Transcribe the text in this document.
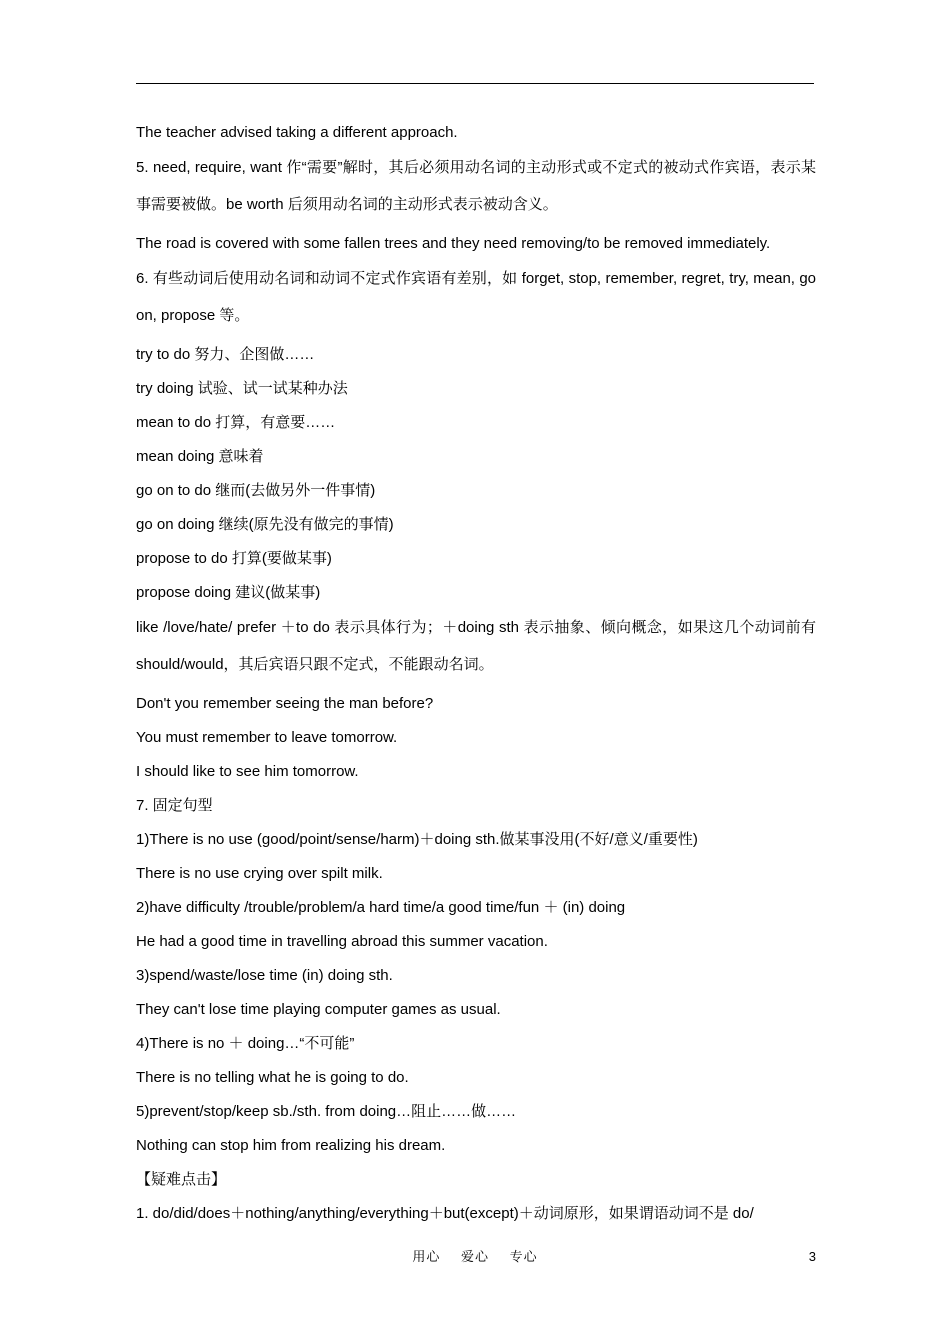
The teacher advised taking a different approach.
5. need, require, want 作“需要”解时，其后必须用动名词的主动形式或不定式的被动式作宾语，表示某事需要被做。be worth 后须用动名词的主动形式表示被动含义。
The road is covered with some fallen trees and they need removing/to be removed immediately.
6. 有些动词后使用动名词和动词不定式作宾语有差别，如 forget, stop, remember, regret, try, mean, go on, propose 等。
try to do 努力、企图做……
try doing 试验、试一试某种办法
mean to do 打算，有意要……
mean doing 意味着
go on to do 继而(去做另外一件事情)
go on doing 继续(原先没有做完的事情)
propose to do 打算(要做某事)
propose doing 建议(做某事)
like /love/hate/ prefer ＋to do 表示具体行为；＋doing sth 表示抽象、倾向概念，如果这几个动词前有 should/would，其后宾语只跟不定式，不能跟动名词。
Don't you remember seeing the man before?
You must remember to leave tomorrow.
I should like to see him tomorrow.
7. 固定句型
1)There is no use (good/point/sense/harm)＋doing sth.做某事没用(不好/意义/重要性)
There is no use crying over spilt milk.
2)have difficulty /trouble/problem/a hard time/a good time/fun ＋ (in) doing
He had a good time in travelling abroad this summer vacation.
3)spend/waste/lose time (in) doing sth.
They can't lose time playing computer games as usual.
4)There is no ＋ doing…“不可能”
There is no telling what he is going to do.
5)prevent/stop/keep sb./sth. from doing…阻止……做……
Nothing can stop him from realizing his dream.
【疑难点击】
1. do/did/does＋nothing/anything/everything＋but(except)＋动词原形，如果谓语动词不是 do/
用心 爱心 专心	3
